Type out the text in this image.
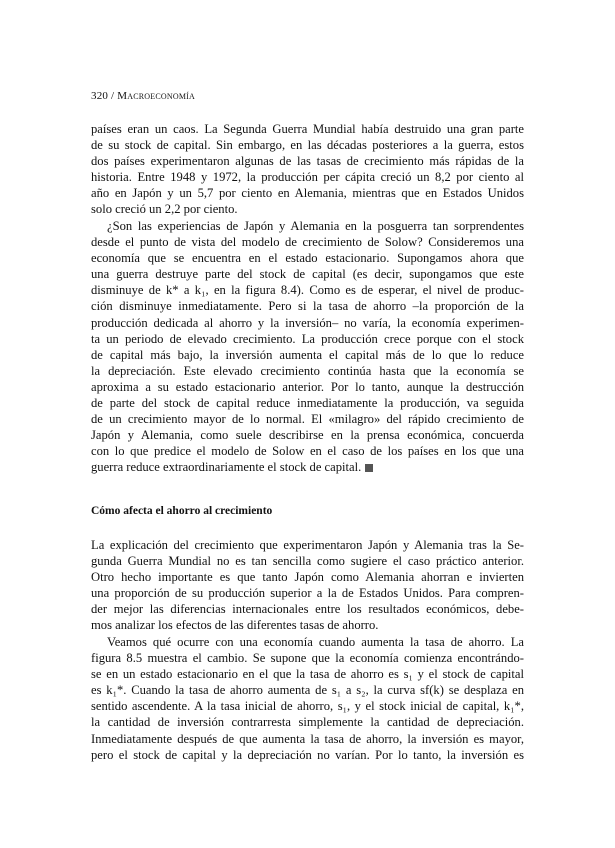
320 / Macroeconomía
países eran un caos. La Segunda Guerra Mundial había destruido una gran parte
de su stock de capital. Sin embargo, en las décadas posteriores a la guerra, estos
dos países experimentaron algunas de las tasas de crecimiento más rápidas de la
historia. Entre 1948 y 1972, la producción per cápita creció un 8,2 por ciento al
año en Japón y un 5,7 por ciento en Alemania, mientras que en Estados Unidos
solo creció un 2,2 por ciento.
¿Son las experiencias de Japón y Alemania en la posguerra tan sorprendentes
desde el punto de vista del modelo de crecimiento de Solow? Consideremos una
economía que se encuentra en el estado estacionario. Supongamos ahora que
una guerra destruye parte del stock de capital (es decir, supongamos que este
disminuye de k* a k₁, en la figura 8.4). Como es de esperar, el nivel de produc-
ción disminuye inmediatamente. Pero si la tasa de ahorro –la proporción de la
producción dedicada al ahorro y la inversión– no varía, la economía experimen-
ta un periodo de elevado crecimiento. La producción crece porque con el stock
de capital más bajo, la inversión aumenta el capital más de lo que lo reduce
la depreciación. Este elevado crecimiento continúa hasta que la economía se
aproxima a su estado estacionario anterior. Por lo tanto, aunque la destrucción
de parte del stock de capital reduce inmediatamente la producción, va seguida
de un crecimiento mayor de lo normal. El «milagro» del rápido crecimiento de
Japón y Alemania, como suele describirse en la prensa económica, concuerda
con lo que predice el modelo de Solow en el caso de los países en los que una
guerra reduce extraordinariamente el stock de capital.
Cómo afecta el ahorro al crecimiento
La explicación del crecimiento que experimentaron Japón y Alemania tras la Se-
gunda Guerra Mundial no es tan sencilla como sugiere el caso práctico anterior.
Otro hecho importante es que tanto Japón como Alemania ahorran e invierten
una proporción de su producción superior a la de Estados Unidos. Para compren-
der mejor las diferencias internacionales entre los resultados económicos, debe-
mos analizar los efectos de las diferentes tasas de ahorro.
Veamos qué ocurre con una economía cuando aumenta la tasa de ahorro. La
figura 8.5 muestra el cambio. Se supone que la economía comienza encontrándo-
se en un estado estacionario en el que la tasa de ahorro es s₁ y el stock de capital
es k₁*. Cuando la tasa de ahorro aumenta de s₁ a s₂, la curva sf(k) se desplaza en
sentido ascendente. A la tasa inicial de ahorro, s₁, y el stock inicial de capital, k₁*,
la cantidad de inversión contrarresta simplemente la cantidad de depreciación.
Inmediatamente después de que aumenta la tasa de ahorro, la inversión es mayor,
pero el stock de capital y la depreciación no varían. Por lo tanto, la inversión es
